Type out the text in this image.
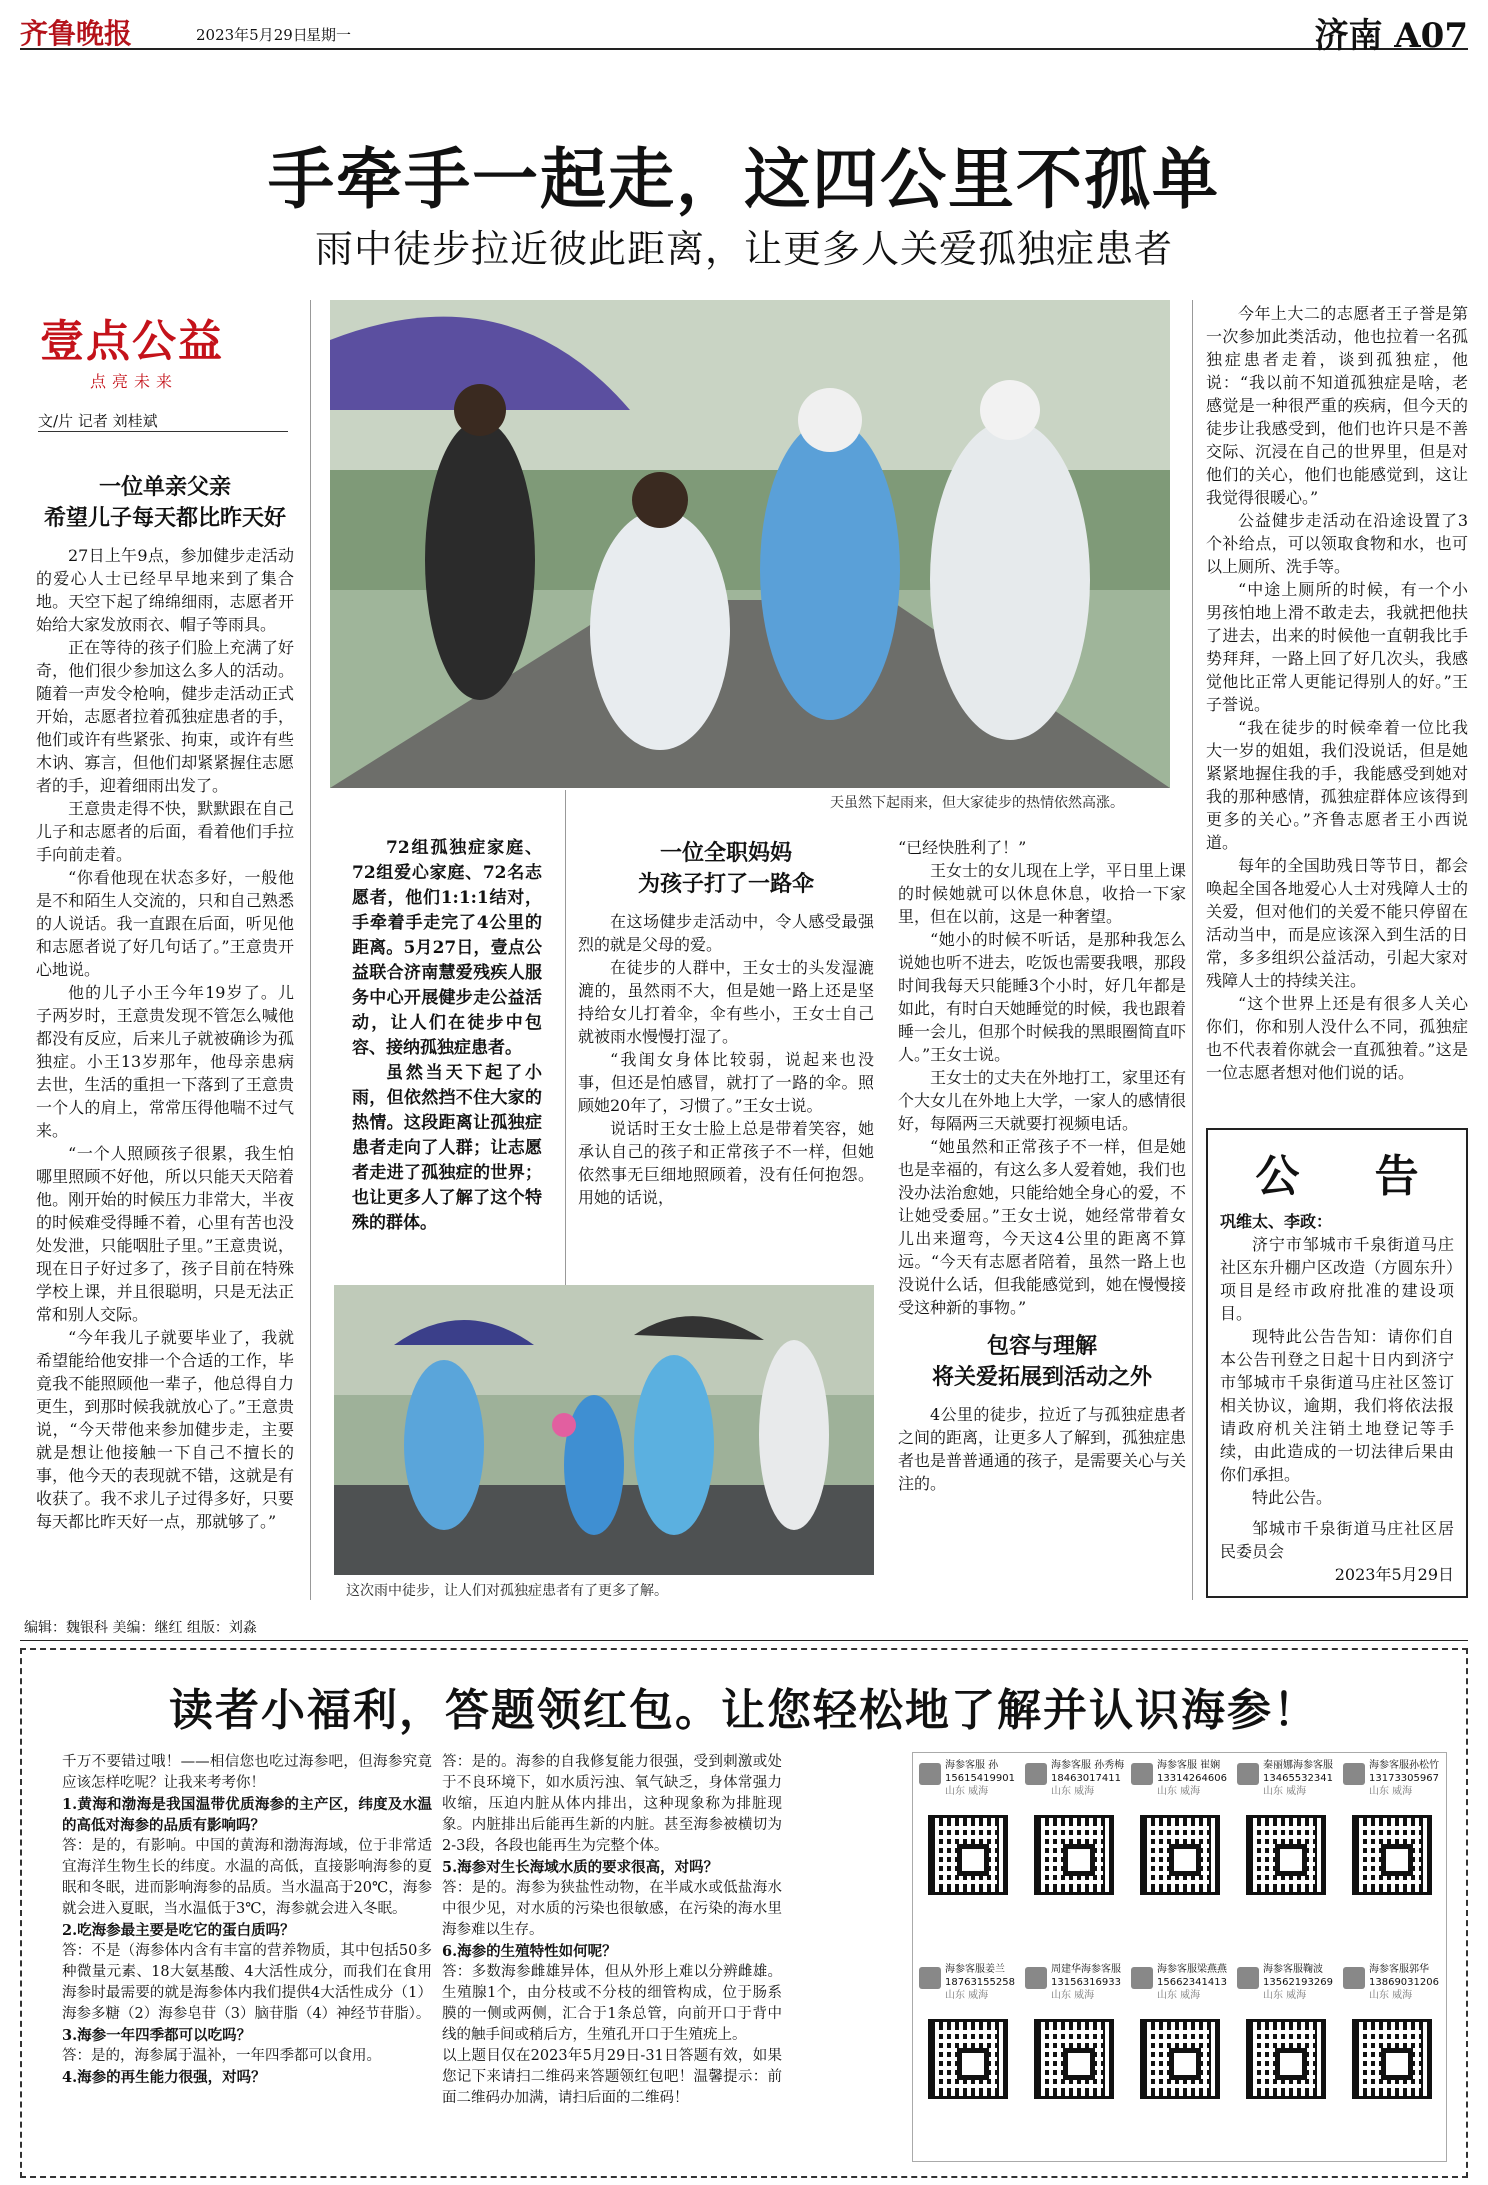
齐鲁晚报	2023年5月29日
星期一	济南 A07
手牵手一起走，这四公里不孤单
雨中徒步拉近彼此距离，让更多人关爱孤独症患者
壹点公益
点亮未来
文/片 记者 刘桂斌
一位单亲父亲
希望儿子每天都比昨天好

27日上午9点，参加健步走活动的爱心人士已经早早地来到了集合地。天空下起了绵绵细雨，志愿者开始给大家发放雨衣、帽子等雨具。

正在等待的孩子们脸上充满了好奇，他们很少参加这么多人的活动。随着一声发令枪响，健步走活动正式开始，志愿者拉着孤独症患者的手，他们或许有些紧张、拘束，或许有些木讷、寡言，但他们却紧紧握住志愿者的手，迎着细雨出发了。

王意贵走得不快，默默跟在自己儿子和志愿者的后面，看着他们手拉手向前走着。

“你看他现在状态多好，一般他是不和陌生人交流的，只和自己熟悉的人说话。我一直跟在后面，听见他和志愿者说了好几句话了。”王意贵开心地说。

他的儿子小王今年19岁了。儿子两岁时，王意贵发现不管怎么喊他都没有反应，后来儿子就被确诊为孤独症。小王13岁那年，他母亲患病去世，生活的重担一下落到了王意贵一个人的肩上，常常压得他喘不过气来。

“一个人照顾孩子很累，我生怕哪里照顾不好他，所以只能天天陪着他。刚开始的时候压力非常大，半夜的时候难受得睡不着，心里有苦也没处发泄，只能咽肚子里。”王意贵说，现在日子好过多了，孩子目前在特殊学校上课，并且很聪明，只是无法正常和别人交际。

“今年我儿子就要毕业了，我就希望能给他安排一个合适的工作，毕竟我不能照顾他一辈子，他总得自力更生，到那时候我就放心了。”王意贵说，“今天带他来参加健步走，主要就是想让他接触一下自己不擅长的事，他今天的表现就不错，这就是有收获了。我不求儿子过得多好，只要每天都比昨天好一点，那就够了。”

天虽然下起雨来，但大家徒步的热情依然高涨。

72组孤独症家庭、72组爱心家庭、72名志愿者，他们1:1:1结对，手牵着手走完了4公里的距离。5月27日，壹点公益联合济南慧爱残疾人服务中心开展健步走公益活动，让人们在徒步中包容、接纳孤独症患者。

虽然当天下起了小雨，但依然挡不住大家的热情。这段距离让孤独症患者走向了人群；让志愿者走进了孤独症的世界；也让更多人了解了这个特殊的群体。

一位全职妈妈
为孩子打了一路伞

在这场健步走活动中，令人感受最强烈的就是父母的爱。

在徒步的人群中，王女士的头发湿漉漉的，虽然雨不大，但是她一路上还是坚持给女儿打着伞，伞有些小，王女士自己就被雨水慢慢打湿了。

“我闺女身体比较弱，说起来也没事，但还是怕感冒，就打了一路的伞。照顾她20年了，习惯了。”王女士说。

说话时王女士脸上总是带着笑容，她承认自己的孩子和正常孩子不一样，但她依然事无巨细地照顾着，没有任何抱怨。用她的话说，

这次雨中徒步，让人们对孤独症患者有了更多了解。

“已经快胜利了！”

王女士的女儿现在上学，平日里上课的时候她就可以休息休息，收拾一下家里，但在以前，这是一种奢望。

“她小的时候不听话，是那种我怎么说她也听不进去，吃饭也需要我喂，那段时间我每天只能睡3个小时，好几年都是如此，有时白天她睡觉的时候，我也跟着睡一会儿，但那个时候我的黑眼圈简直吓人。”王女士说。

王女士的丈夫在外地打工，家里还有个大女儿在外地上大学，一家人的感情很好，每隔两三天就要打视频电话。

“她虽然和正常孩子不一样，但是她也是幸福的，有这么多人爱着她，我们也没办法治愈她，只能给她全身心的爱，不让她受委屈。”王女士说，她经常带着女儿出来遛弯，今天这4公里的距离不算远。“今天有志愿者陪着，虽然一路上也没说什么话，但我能感觉到，她在慢慢接受这种新的事物。”

包容与理解
将关爱拓展到活动之外

4公里的徒步，拉近了与孤独症患者之间的距离，让更多人了解到，孤独症患者也是普普通通的孩子，是需要关心与关注的。

今年上大二的志愿者王子誉是第一次参加此类活动，他也拉着一名孤独症患者走着，谈到孤独症，他说：“我以前不知道孤独症是啥，老感觉是一种很严重的疾病，但今天的徒步让我感受到，他们也许只是不善交际、沉浸在自己的世界里，但是对他们的关心，他们也能感觉到，这让我觉得很暖心。”

公益健步走活动在沿途设置了3个补给点，可以领取食物和水，也可以上厕所、洗手等。

“中途上厕所的时候，有一个小男孩怕地上滑不敢走去，我就把他扶了进去，出来的时候他一直朝我比手势拜拜，一路上回了好几次头，我感觉他比正常人更能记得别人的好。”王子誉说。

“我在徒步的时候牵着一位比我大一岁的姐姐，我们没说话，但是她紧紧地握住我的手，我能感受到她对我的那种感情，孤独症群体应该得到更多的关心。”齐鲁志愿者王小西说道。

每年的全国助残日等节日，都会唤起全国各地爱心人士对残障人士的关爱，但对他们的关爱不能只停留在活动当中，而是应该深入到生活的日常，多多组织公益活动，引起大家对残障人士的持续关注。

“这个世界上还是有很多人关心你们，你和别人没什么不同，孤独症也不代表着你就会一直孤独着。”这是一位志愿者想对他们说的话。

公 告

巩维太、李政：

济宁市邹城市千泉街道马庄社区东升棚户区改造（方圆东升）项目是经市政府批准的建设项目。

现特此公告告知：请你们自本公告刊登之日起十日内到济宁市邹城市千泉街道马庄社区签订相关协议，逾期，我们将依法报请政府机关注销土地登记等手续，由此造成的一切法律后果由你们承担。

特此公告。

邹城市千泉街道马庄社区居民委员会

2023年5月29日

编辑：魏银科 美编：继红 组版：刘淼
读者小福利，答题领红包。让您轻松地了解并认识海参！

千万不要错过哦！——相信您也吃过海参吧，但海参究竟应该怎样吃呢？让我来考考你！

1.黄海和渤海是我国温带优质海参的主产区，纬度及水温的高低对海参的品质有影响吗？

答：是的，有影响。中国的黄海和渤海海域，位于非常适宜海洋生物生长的纬度。水温的高低，直接影响海参的夏眠和冬眠，进而影响海参的品质。当水温高于20℃，海参就会进入夏眠，当水温低于3℃，海参就会进入冬眠。

2.吃海参最主要是吃它的蛋白质吗？

答：不是（海参体内含有丰富的营养物质，其中包括50多种微量元素、18大氨基酸、4大活性成分，而我们在食用海参时最需要的就是海参体内我们提供4大活性成分（1）海参多糖（2）海参皂苷（3）脑苷脂（4）神经节苷脂）。

3.海参一年四季都可以吃吗？

答：是的，海参属于温补，一年四季都可以食用。

4.海参的再生能力很强，对吗？

答：是的。海参的自我修复能力很强，受到刺激或处于不良环境下，如水质污浊、氧气缺乏，身体常强力收缩，压迫内脏从体内排出，这种现象称为排脏现象。内脏排出后能再生新的内脏。甚至海参被横切为2-3段，各段也能再生为完整个体。

5.海参对生长海域水质的要求很高，对吗？

答：是的。海参为狭盐性动物，在半咸水或低盐海水中很少见，对水质的污染也很敏感，在污染的海水里海参难以生存。

6.海参的生殖特性如何呢？

答：多数海参雌雄异体，但从外形上难以分辨雌雄。生殖腺1个，由分枝或不分枝的细管构成，位于肠系膜的一侧或两侧，汇合于1条总管，向前开口于背中线的触手间或稍后方，生殖孔开口于生殖疣上。

以上题目仅在2023年5月29日-31日答题有效，如果您记下来请扫二维码来答题领红包吧！温馨提示：前面二维码办加满，请扫后面的二维码！

海参客服 孙
15615419901
山东 威海
海参客服 孙秀梅
18463017411
山东 威海
海参客服 崔娴
13314264606
山东 威海
秦丽娜海参客服
13465532341
山东 威海
海参客服孙松竹
13173305967
山东 威海
海参客服姜兰
18763155258
山东 威海
周建华海参客服
13156316933
山东 威海
海参客服梁燕燕
15662341413
山东 威海
海参客服鞠波
13562193269
山东 威海
海参客服郭华
13869031206
山东 威海
